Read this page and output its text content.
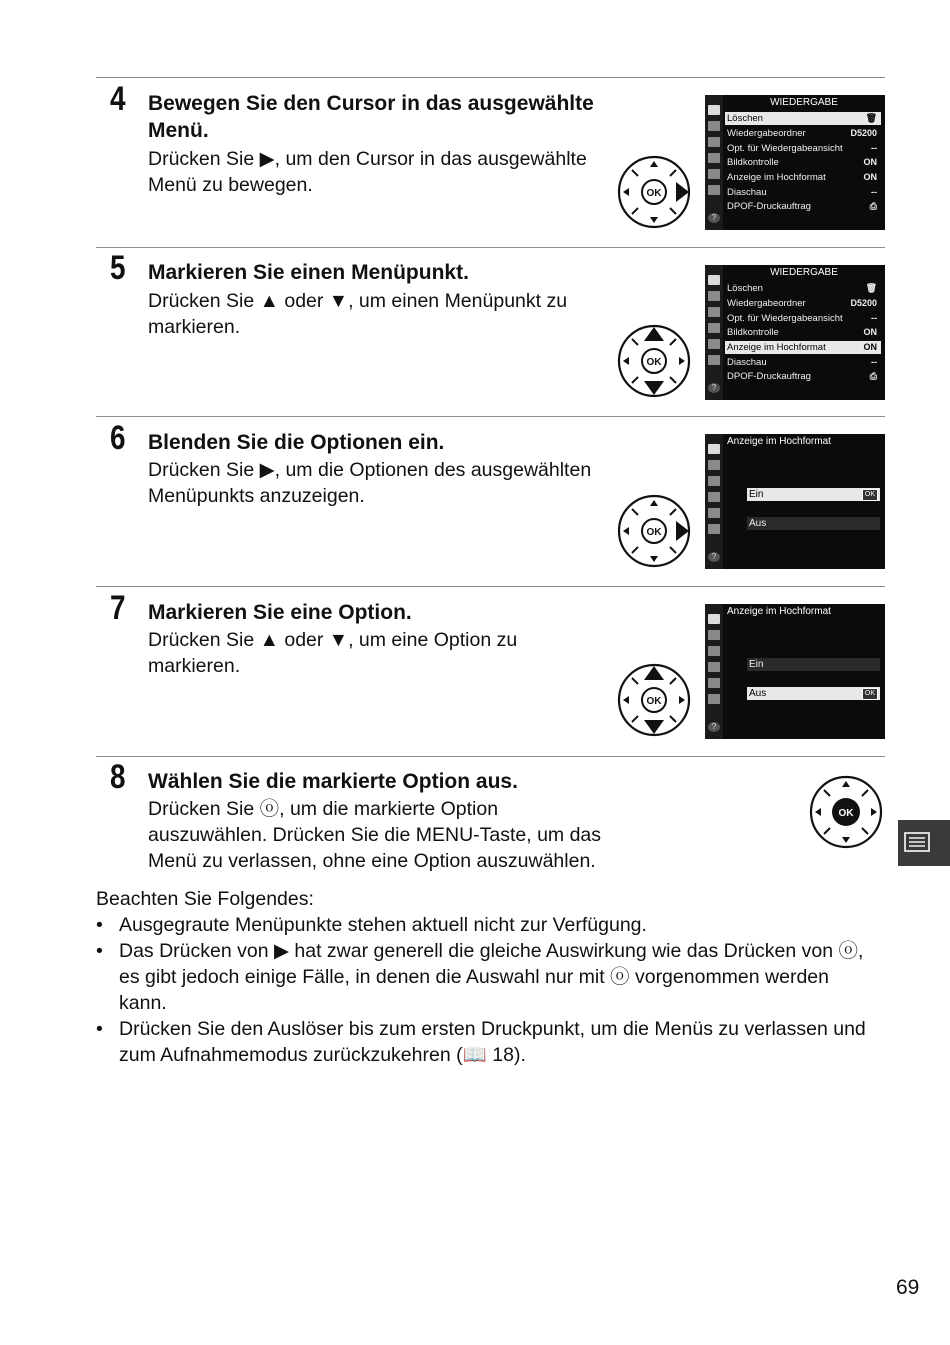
4 Bewegen Sie den Cursor in das ausgewählte
Menü.
Drücken Sie ▶, um den Cursor in das ausgewählte
Menü zu bewegen.	OK
?
WIEDERGABE
Löschen	🗑
Wiedergabeordner	D5200
Opt. für Wiedergabeansicht	--
Bildkontrolle	ON
Anzeige im Hochformat	ON
Diaschau	--
DPOF-Druckauftrag	⎙
5 Markieren Sie einen Menüpunkt.
Drücken Sie ▲ oder ▼, um einen Menüpunkt zu
markieren.
OK
?
WIEDERGABE
Löschen	🗑
Wiedergabeordner	D5200
Opt. für Wiedergabeansicht	--
Bildkontrolle	ON
Anzeige im Hochformat	ON
Diaschau	--
DPOF-Druckauftrag	⎙
6 Blenden Sie die Optionen ein.
Drücken Sie ▶, um die Optionen des ausgewählten
Menüpunkts anzuzeigen.
OK
?
Anzeige im Hochformat
Ein	OK
Aus
7 Markieren Sie eine Option.
Drücken Sie ▲ oder ▼, um eine Option zu
markieren.
OK
?
Anzeige im Hochformat
Ein
Aus	OK
8 Wählen Sie die markierte Option aus.
Drücken Sie ⓞ, um die markierte Option
auszuwählen. Drücken Sie die MENU-Taste, um das
Menü zu verlassen, ohne eine Option auszuwählen.
OK
Beachten Sie Folgendes:
• Ausgegraute Menüpunkte stehen aktuell nicht zur Verfügung.
• Das Drücken von ▶ hat zwar generell die gleiche Auswirkung wie das Drücken von ⓞ,
es gibt jedoch einige Fälle, in denen die Auswahl nur mit ⓞ vorgenommen werden
kann.
• Drücken Sie den Auslöser bis zum ersten Druckpunkt, um die Menüs zu verlassen und
zum Aufnahmemodus zurückzukehren (📖 18).
69
